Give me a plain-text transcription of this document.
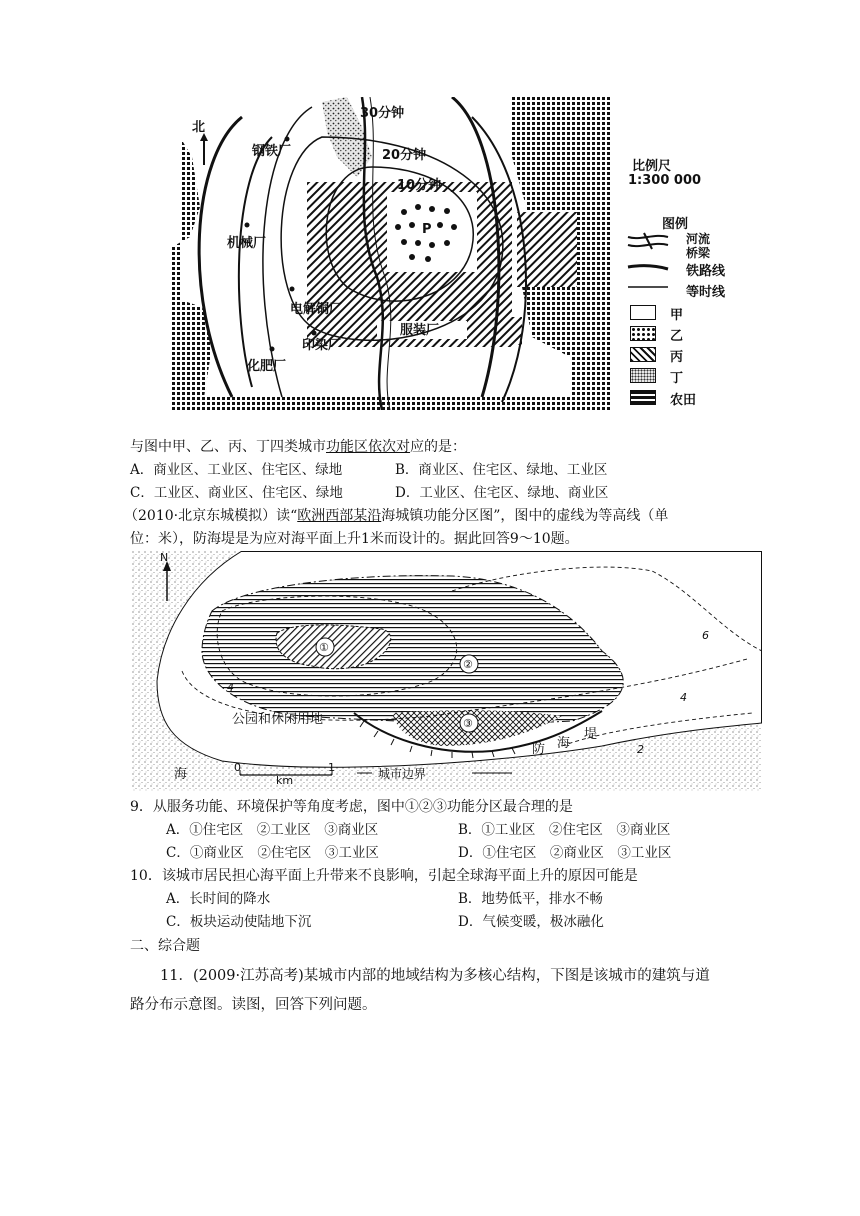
北
30分钟
20分钟
10分钟
钢铁厂
机械厂
电解铜厂
服装厂
印染厂
化肥厂
P
比例尺
1:300 000
图例
河流
桥梁
铁路线
等时线
甲
乙
丙
丁
农田
与图中甲、乙、丙、丁四类城市功能区依次对应的是：
A．商业区、工业区、住宅区、绿地	B．商业区、住宅区、绿地、工业区
C．工业区、商业区、住宅区、绿地	D．工业区、住宅区、绿地、商业区
（2010·北京东城模拟）读“欧洲西部某沿海城镇功能分区图”，图中的虚线为等高线（单
位：米），防海堤是为应对海平面上升1米而设计的。据此回答9～10题。
N
①
②
③
6
4
4
2
0	1
km
公园和休闲用地
防 海
堤
海	城市边界
9．从服务功能、环境保护等角度考虑，图中①②③功能分区最合理的是
A．①住宅区　②工业区　③商业区	B．①工业区　②住宅区　③商业区
C．①商业区　②住宅区　③工业区	D．①住宅区　②商业区　③工业区
10．该城市居民担心海平面上升带来不良影响，引起全球海平面上升的原因可能是
A．长时间的降水	B．地势低平，排水不畅
C．板块运动使陆地下沉	D．气候变暖，极冰融化
二、综合题
11．(2009·江苏高考)某城市内部的地域结构为多核心结构，下图是该城市的建筑与道
路分布示意图。读图，回答下列问题。
